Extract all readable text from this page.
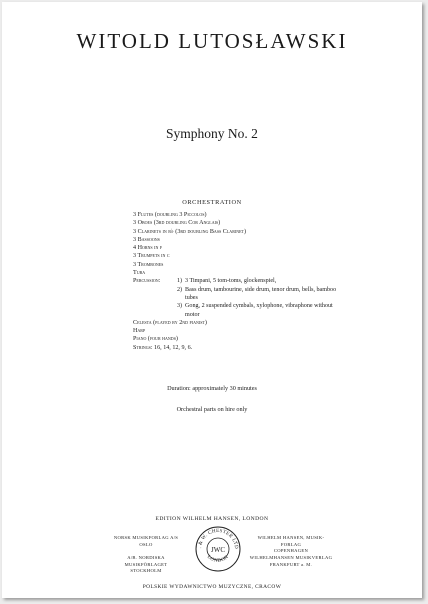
WITOLD LUTOSŁAWSKI
Symphony No. 2
ORCHESTRATION
3 Flutes (doubling 3 Piccolos)
3 Oboes (3rd doubling Cor Anglais)
3 Clarinets in b♭ (3rd doubling Bass Clarinet)
3 Bassoons
4 Horns in f
3 Trumpets in c
3 Trombones
Tuba
Percussion:	1) 3 Timpani, 5 tom-toms, glockenspiel,
2) Bass drum, tambourine, side drum, tenor drum, bells, bamboo tubes
3) Gong, 2 suspended cymbals, xylophone, vibraphone without motor
Celesta (played by 2nd pianist)
Harp
Piano (four hands)
Strings: 16, 14, 12, 9, 6.
Duration: approximately 30 minutes
Orchestral parts on hire only
EDITION WILHELM HANSEN, LONDON
NORSK MUSIKFORLAG A/S
OSLO
A/B. NORDISKA MUSIKFÖRLAGET
STOCKHOLM
WILHELM HANSEN, MUSIK-FORLAG
COPENHAGEN
WILHELMHANSEN MUSIKVERLAG
FRANKFURT a. M.
. & W. CHESTER LTD
LONDON
JWC
POLSKIE WYDAWNICTWO MUZYCZNE, CRACOW
